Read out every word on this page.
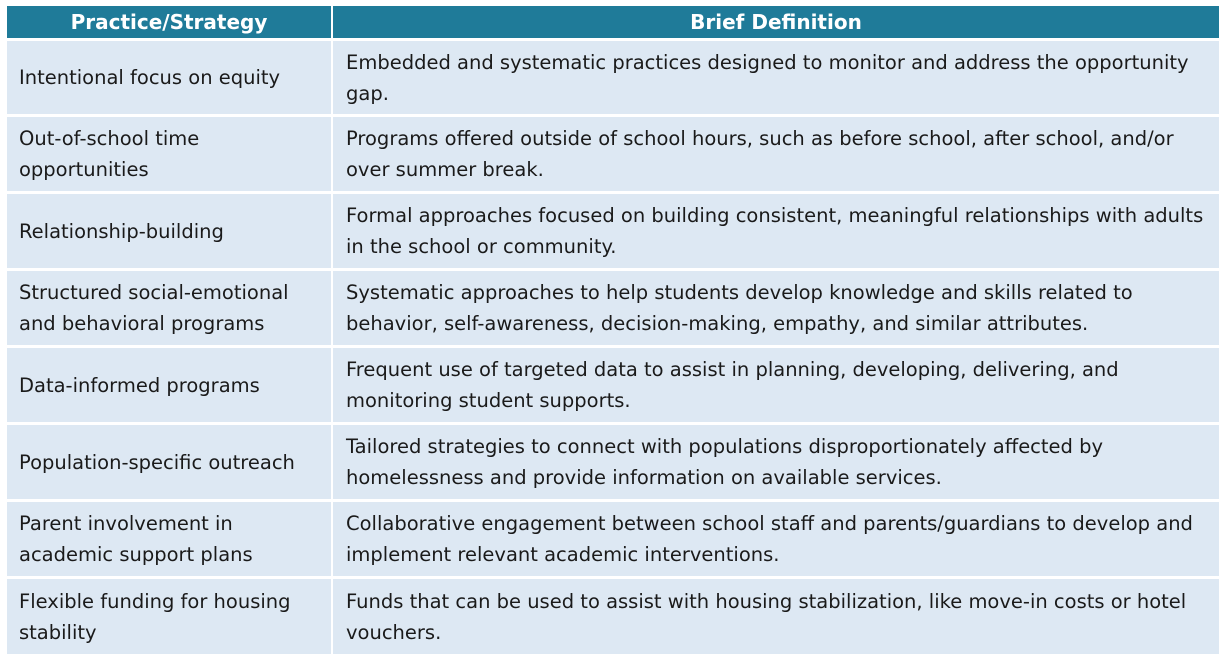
Practice/Strategy	Brief Definition
Intentional focus on equity	Embedded and systematic practices designed to monitor and address the opportunity gap.
Out-of-school time opportunities	Programs offered outside of school hours, such as before school, after school, and/or over summer break.
Relationship-building	Formal approaches focused on building consistent, meaningful relationships with adults in the school or community.
Structured social-emotional and behavioral programs	Systematic approaches to help students develop knowledge and skills related to behavior, self-awareness, decision-making, empathy, and similar attributes.
Data-informed programs	Frequent use of targeted data to assist in planning, developing, delivering, and monitoring student supports.
Population-specific outreach	Tailored strategies to connect with populations disproportionately affected by homelessness and provide information on available services.
Parent involvement in academic support plans	Collaborative engagement between school staff and parents/guardians to develop and implement relevant academic interventions.
Flexible funding for housing stability	Funds that can be used to assist with housing stabilization, like move-in costs or hotel vouchers.
